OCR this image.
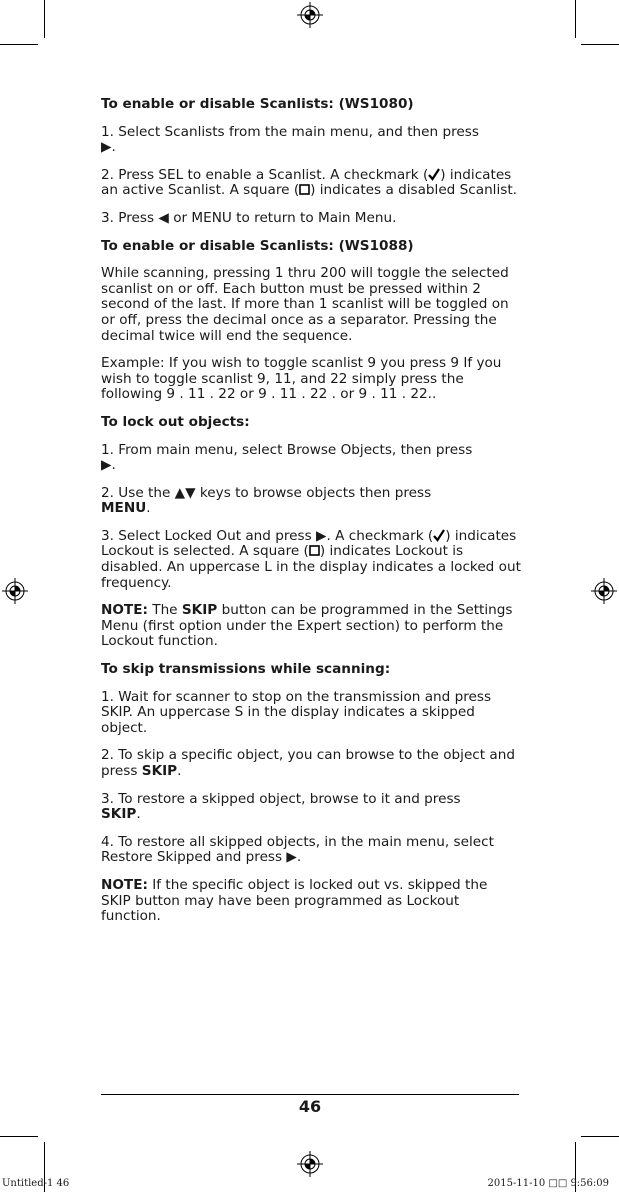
To enable or disable Scanlists: (WS1080)

1. Select Scanlists from the main menu, and then press
▶.

2. Press SEL to enable a Scanlist. A checkmark ( ) indicates an active Scanlist. A square ( ) indicates a disabled Scanlist.

3. Press ◀ or MENU to return to Main Menu.

To enable or disable Scanlists: (WS1088)

While scanning, pressing 1 thru 200 will toggle the selected scanlist on or off. Each button must be pressed within 2 second of the last. If more than 1 scanlist will be toggled on or off, press the decimal once as a separator. Pressing the decimal twice will end the sequence.

Example: If you wish to toggle scanlist 9 you press 9 If you wish to toggle scanlist 9, 11, and 22 simply press the following 9 . 11 . 22 or 9 . 11 . 22 . or 9 . 11 . 22..

To lock out objects:

1. From main menu, select Browse Objects, then press
▶.

2. Use the ▲▼ keys to browse objects then press
MENU.

3. Select Locked Out and press ▶. A checkmark ( ) indicates Lockout is selected. A square ( ) indicates Lockout is disabled. An uppercase L in the display indicates a locked out frequency.

NOTE: The SKIP button can be programmed in the Settings Menu (first option under the Expert section) to perform the Lockout function.

To skip transmissions while scanning:

1. Wait for scanner to stop on the transmission and press SKIP. An uppercase S in the display indicates a skipped object.

2. To skip a specific object, you can browse to the object and press SKIP.

3. To restore a skipped object, browse to it and press
SKIP.

4. To restore all skipped objects, in the main menu, select Restore Skipped and press ▶.

NOTE: If the specific object is locked out vs. skipped the SKIP button may have been programmed as Lockout function.

46
Untitled-1 46	2015-11-10 □□ 9:56:09
